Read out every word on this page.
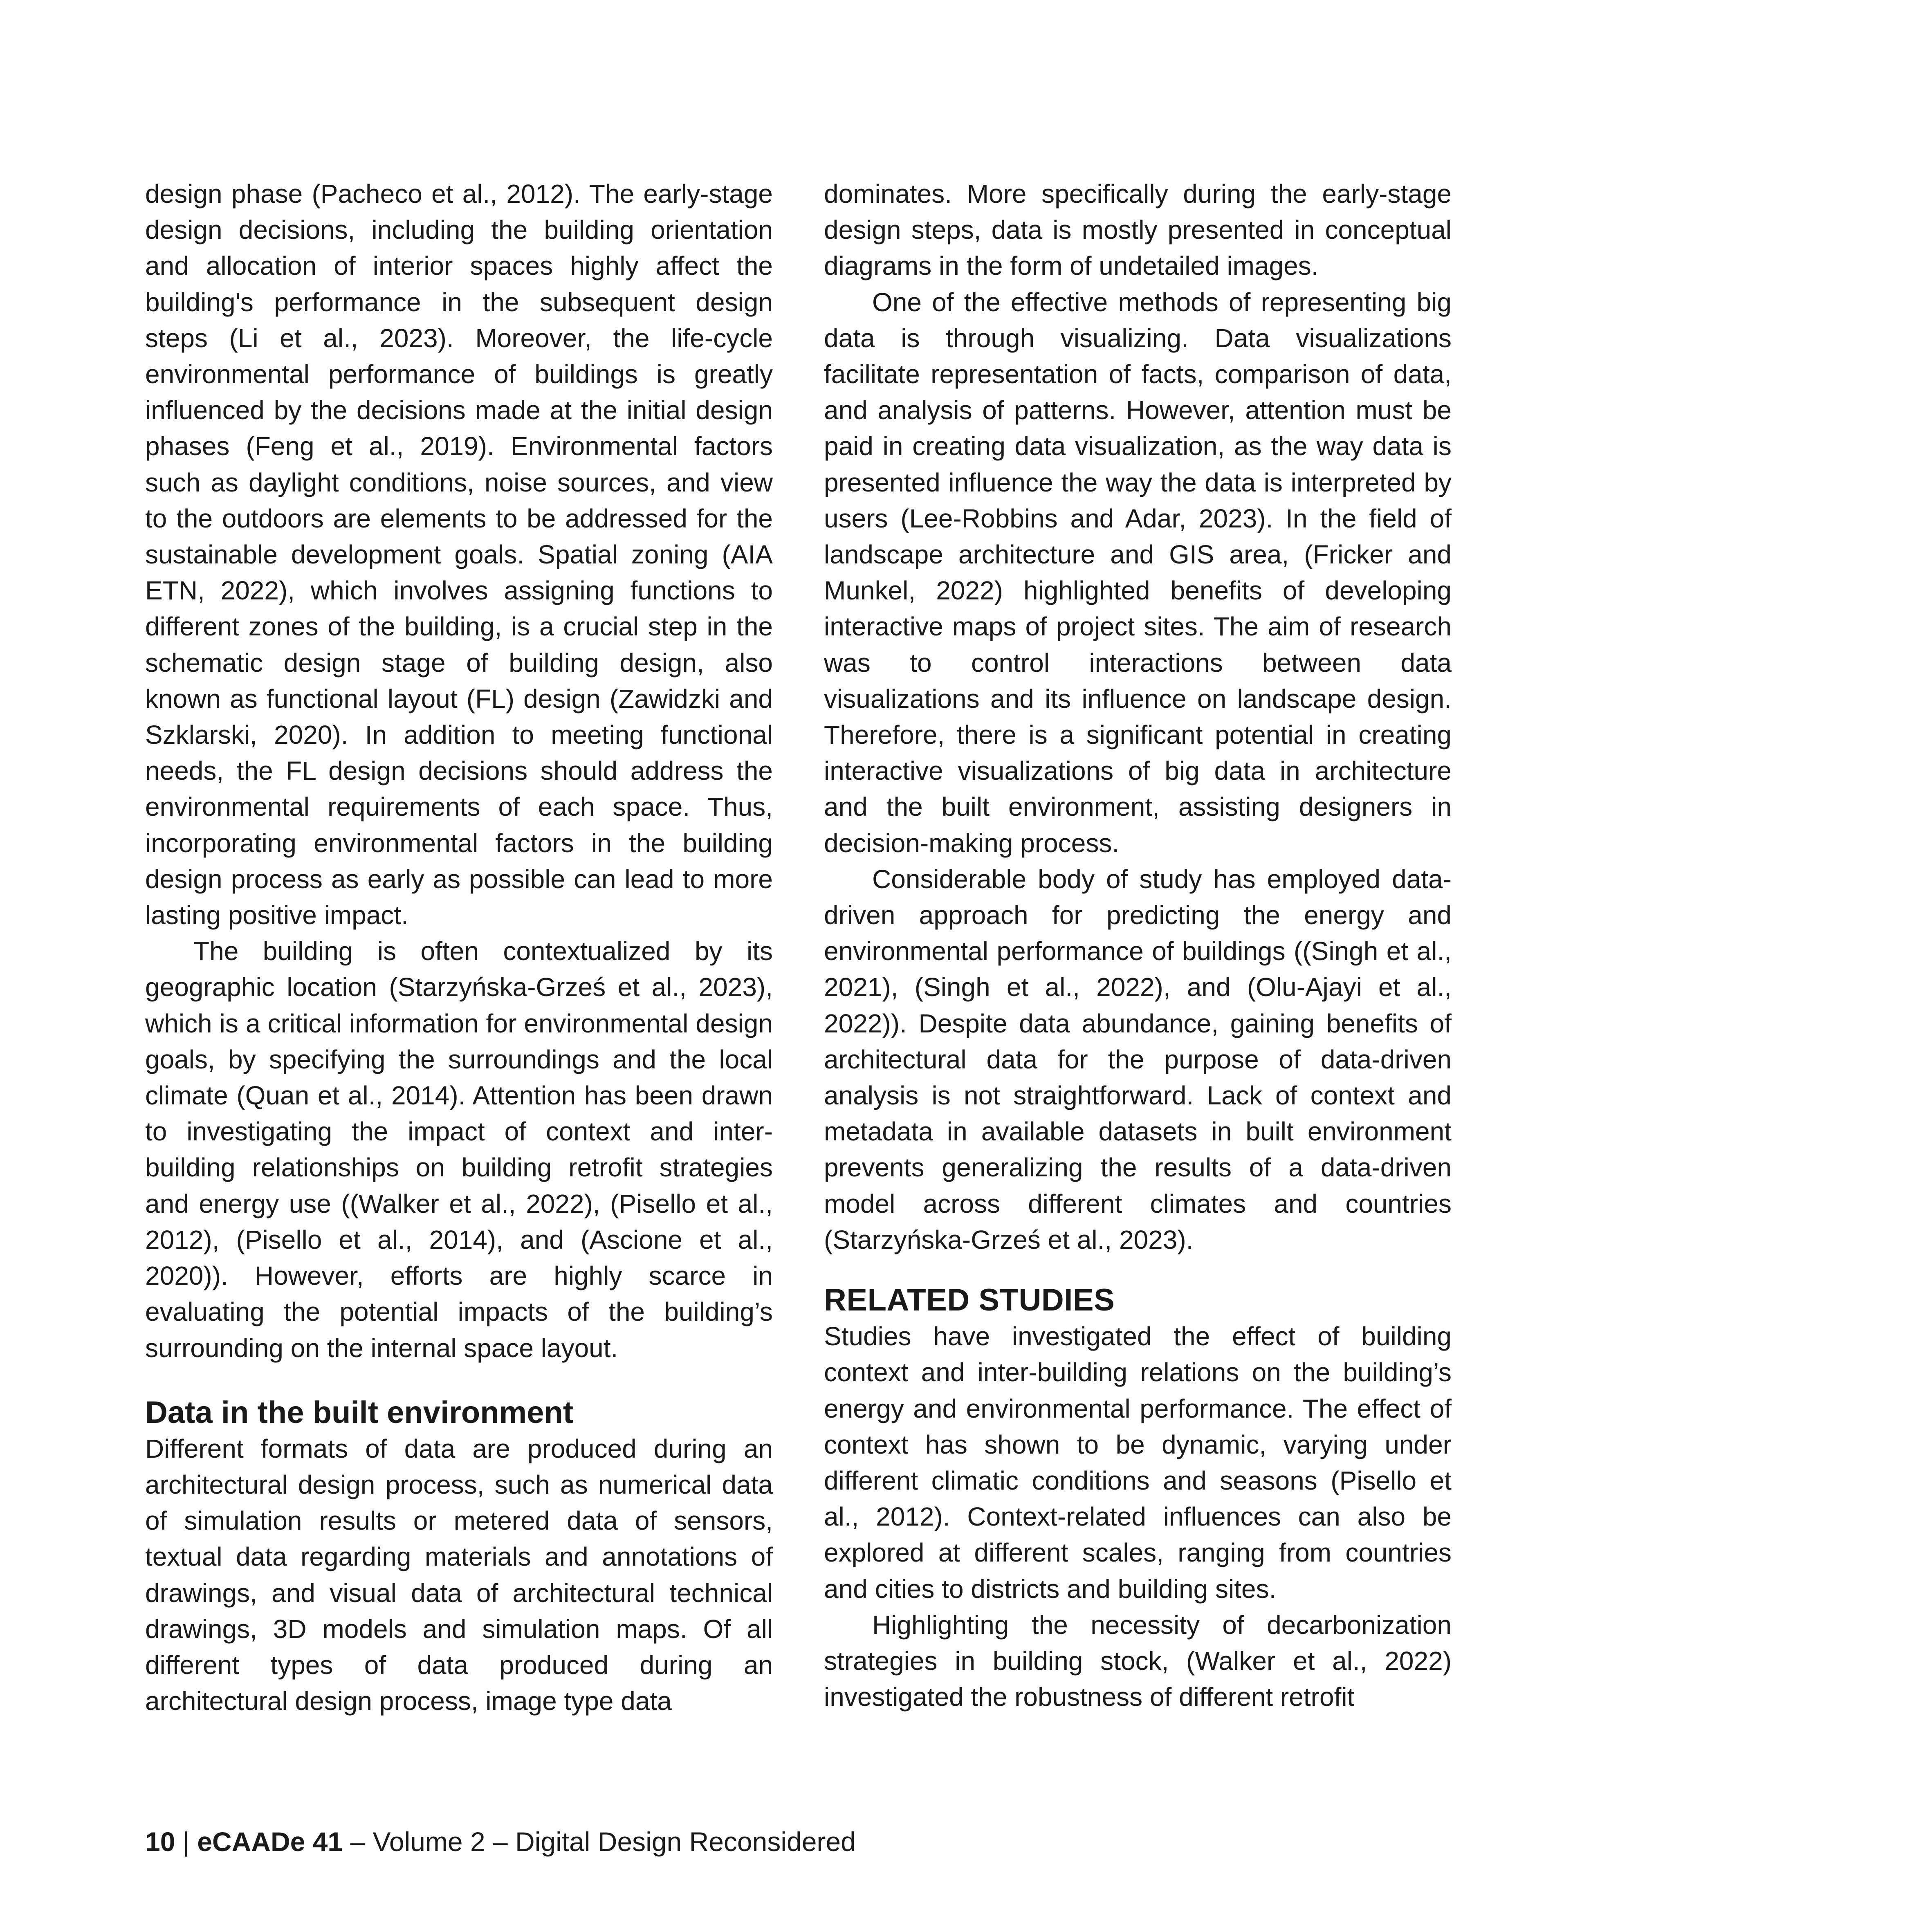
design phase (Pacheco et al., 2012). The early-stage design decisions, including the building orientation and allocation of interior spaces highly affect the building's performance in the subsequent design steps (Li et al., 2023). Moreover, the life-cycle environmental performance of buildings is greatly influenced by the decisions made at the initial design phases (Feng et al., 2019). Environmental factors such as daylight conditions, noise sources, and view to the outdoors are elements to be addressed for the sustainable development goals. Spatial zoning (AIA ETN, 2022), which involves assigning functions to different zones of the building, is a crucial step in the schematic design stage of building design, also known as functional layout (FL) design (Zawidzki and Szklarski, 2020). In addition to meeting functional needs, the FL design decisions should address the environmental requirements of each space. Thus, incorporating environmental factors in the building design process as early as possible can lead to more lasting positive impact.

The building is often contextualized by its geographic location (Starzyńska-Grześ et al., 2023), which is a critical information for environmental design goals, by specifying the surroundings and the local climate (Quan et al., 2014). Attention has been drawn to investigating the impact of context and inter-building relationships on building retrofit strategies and energy use ((Walker et al., 2022), (Pisello et al., 2012), (Pisello et al., 2014), and (Ascione et al., 2020)). However, efforts are highly scarce in evaluating the potential impacts of the building’s surrounding on the internal space layout.

Data in the built environment

Different formats of data are produced during an architectural design process, such as numerical data of simulation results or metered data of sensors, textual data regarding materials and annotations of drawings, and visual data of architectural technical drawings, 3D models and simulation maps. Of all different types of data produced during an architectural design process, image type data

dominates. More specifically during the early-stage design steps, data is mostly presented in conceptual diagrams in the form of undetailed images.

One of the effective methods of representing big data is through visualizing. Data visualizations facilitate representation of facts, comparison of data, and analysis of patterns. However, attention must be paid in creating data visualization, as the way data is presented influence the way the data is interpreted by users (Lee-Robbins and Adar, 2023). In the field of landscape architecture and GIS area, (Fricker and Munkel, 2022) highlighted benefits of developing interactive maps of project sites. The aim of research was to control interactions between data visualizations and its influence on landscape design. Therefore, there is a significant potential in creating interactive visualizations of big data in architecture and the built environment, assisting designers in decision-making process.

Considerable body of study has employed data-driven approach for predicting the energy and environmental performance of buildings ((Singh et al., 2021), (Singh et al., 2022), and (Olu-Ajayi et al., 2022)). Despite data abundance, gaining benefits of architectural data for the purpose of data-driven analysis is not straightforward. Lack of context and metadata in available datasets in built environment prevents generalizing the results of a data-driven model across different climates and countries (Starzyńska-Grześ et al., 2023).

RELATED STUDIES

Studies have investigated the effect of building context and inter-building relations on the building’s energy and environmental performance. The effect of context has shown to be dynamic, varying under different climatic conditions and seasons (Pisello et al., 2012). Context-related influences can also be explored at different scales, ranging from countries and cities to districts and building sites.

Highlighting the necessity of decarbonization strategies in building stock, (Walker et al., 2022) investigated the robustness of different retrofit

10 | eCAADe 41 – Volume 2 – Digital Design Reconsidered
